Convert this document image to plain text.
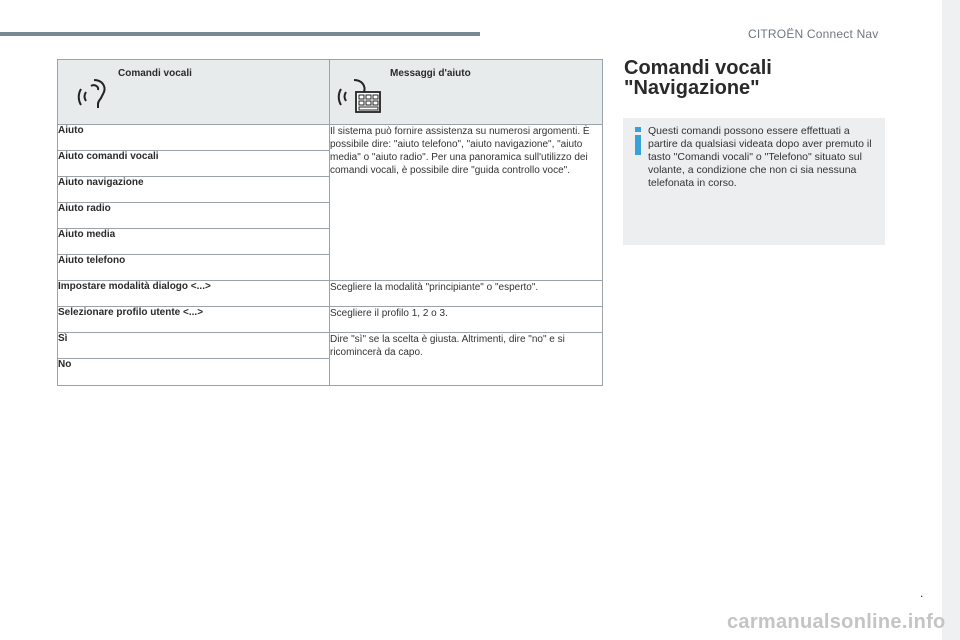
CITROËN Connect Nav
Comandi vocali	Messaggi d'aiuto

Aiuto	Il sistema può fornire assistenza su numerosi argomenti. È possibile dire: "aiuto telefono", "aiuto navigazione", "aiuto media" o "aiuto radio". Per una panoramica sull'utilizzo dei comandi vocali, è possibile dire "guida controllo voce".
Aiuto comandi vocali	
Aiuto navigazione	
Aiuto radio	
Aiuto media	
Aiuto telefono	
Impostare modalità dialogo <...>	Scegliere la modalità "principiante" o "esperto".
Selezionare profilo utente <...>	Scegliere il profilo 1, 2 o 3.
Sì	Dire "sì" se la scelta è giusta. Altrimenti, dire "no" e si ricomincerà da capo.
No	
Comandi vocali
"Navigazione"
Questi comandi possono essere effettuati a partire da qualsiasi videata dopo aver premuto il tasto "Comandi vocali" o "Telefono" situato sul volante, a condizione che non ci sia nessuna telefonata in corso.
.
carmanualsonline.info
